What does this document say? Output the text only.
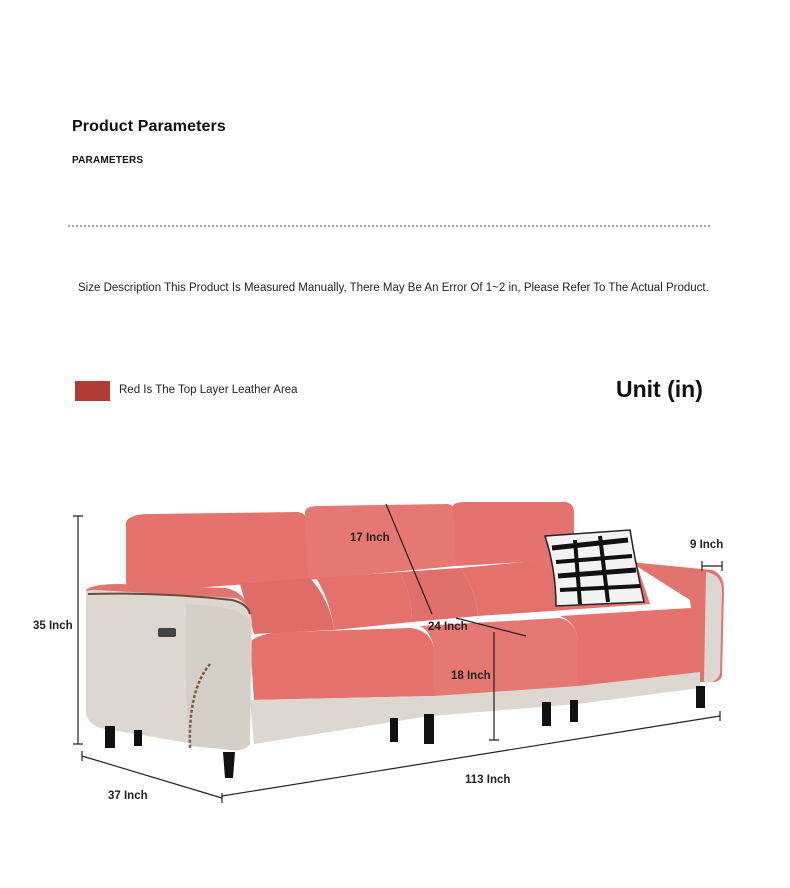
Product Parameters
PARAMETERS
Size Description This Product Is Measured Manually, There May Be An Error Of 1~2 in, Please Refer To The Actual Product.
Red Is The Top Layer Leather Area	Unit (in)
17 Inch
9 Inch
35 Inch	24 Inch
18 Inch
113 Inch
37 Inch
